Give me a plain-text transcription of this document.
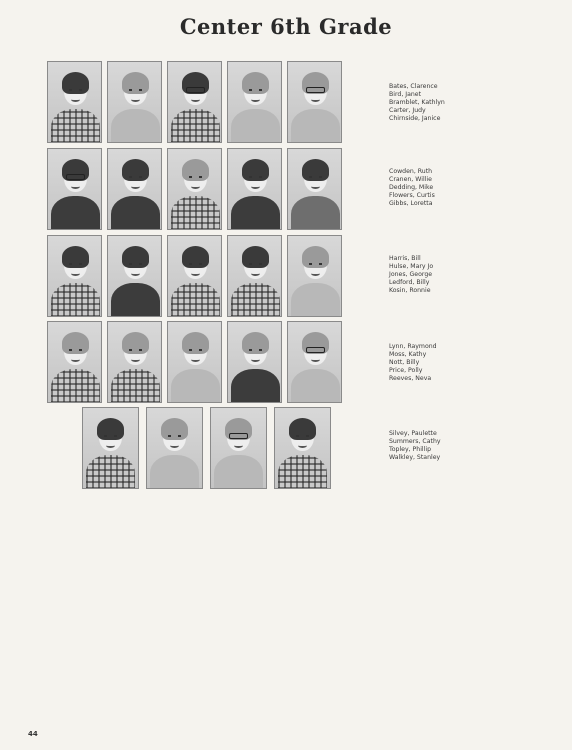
Center 6th Grade
Bates, Clarence
Bird, Janet
Bramblet, Kathlyn
Carter, Judy
Chirnside, Janice
Cowden, Ruth
Cranen, Willie
Dedding, Mike
Flowers, Curtis
Gibbs, Loretta
Harris, Bill
Hulse, Mary Jo
Jones, George
Ledford, Billy
Kosin, Ronnie
Lynn, Raymond
Moss, Kathy
Nott, Billy
Price, Polly
Reeves, Neva
Silvey, Paulette
Summers, Cathy
Topley, Phillip
Walkley, Stanley
44
